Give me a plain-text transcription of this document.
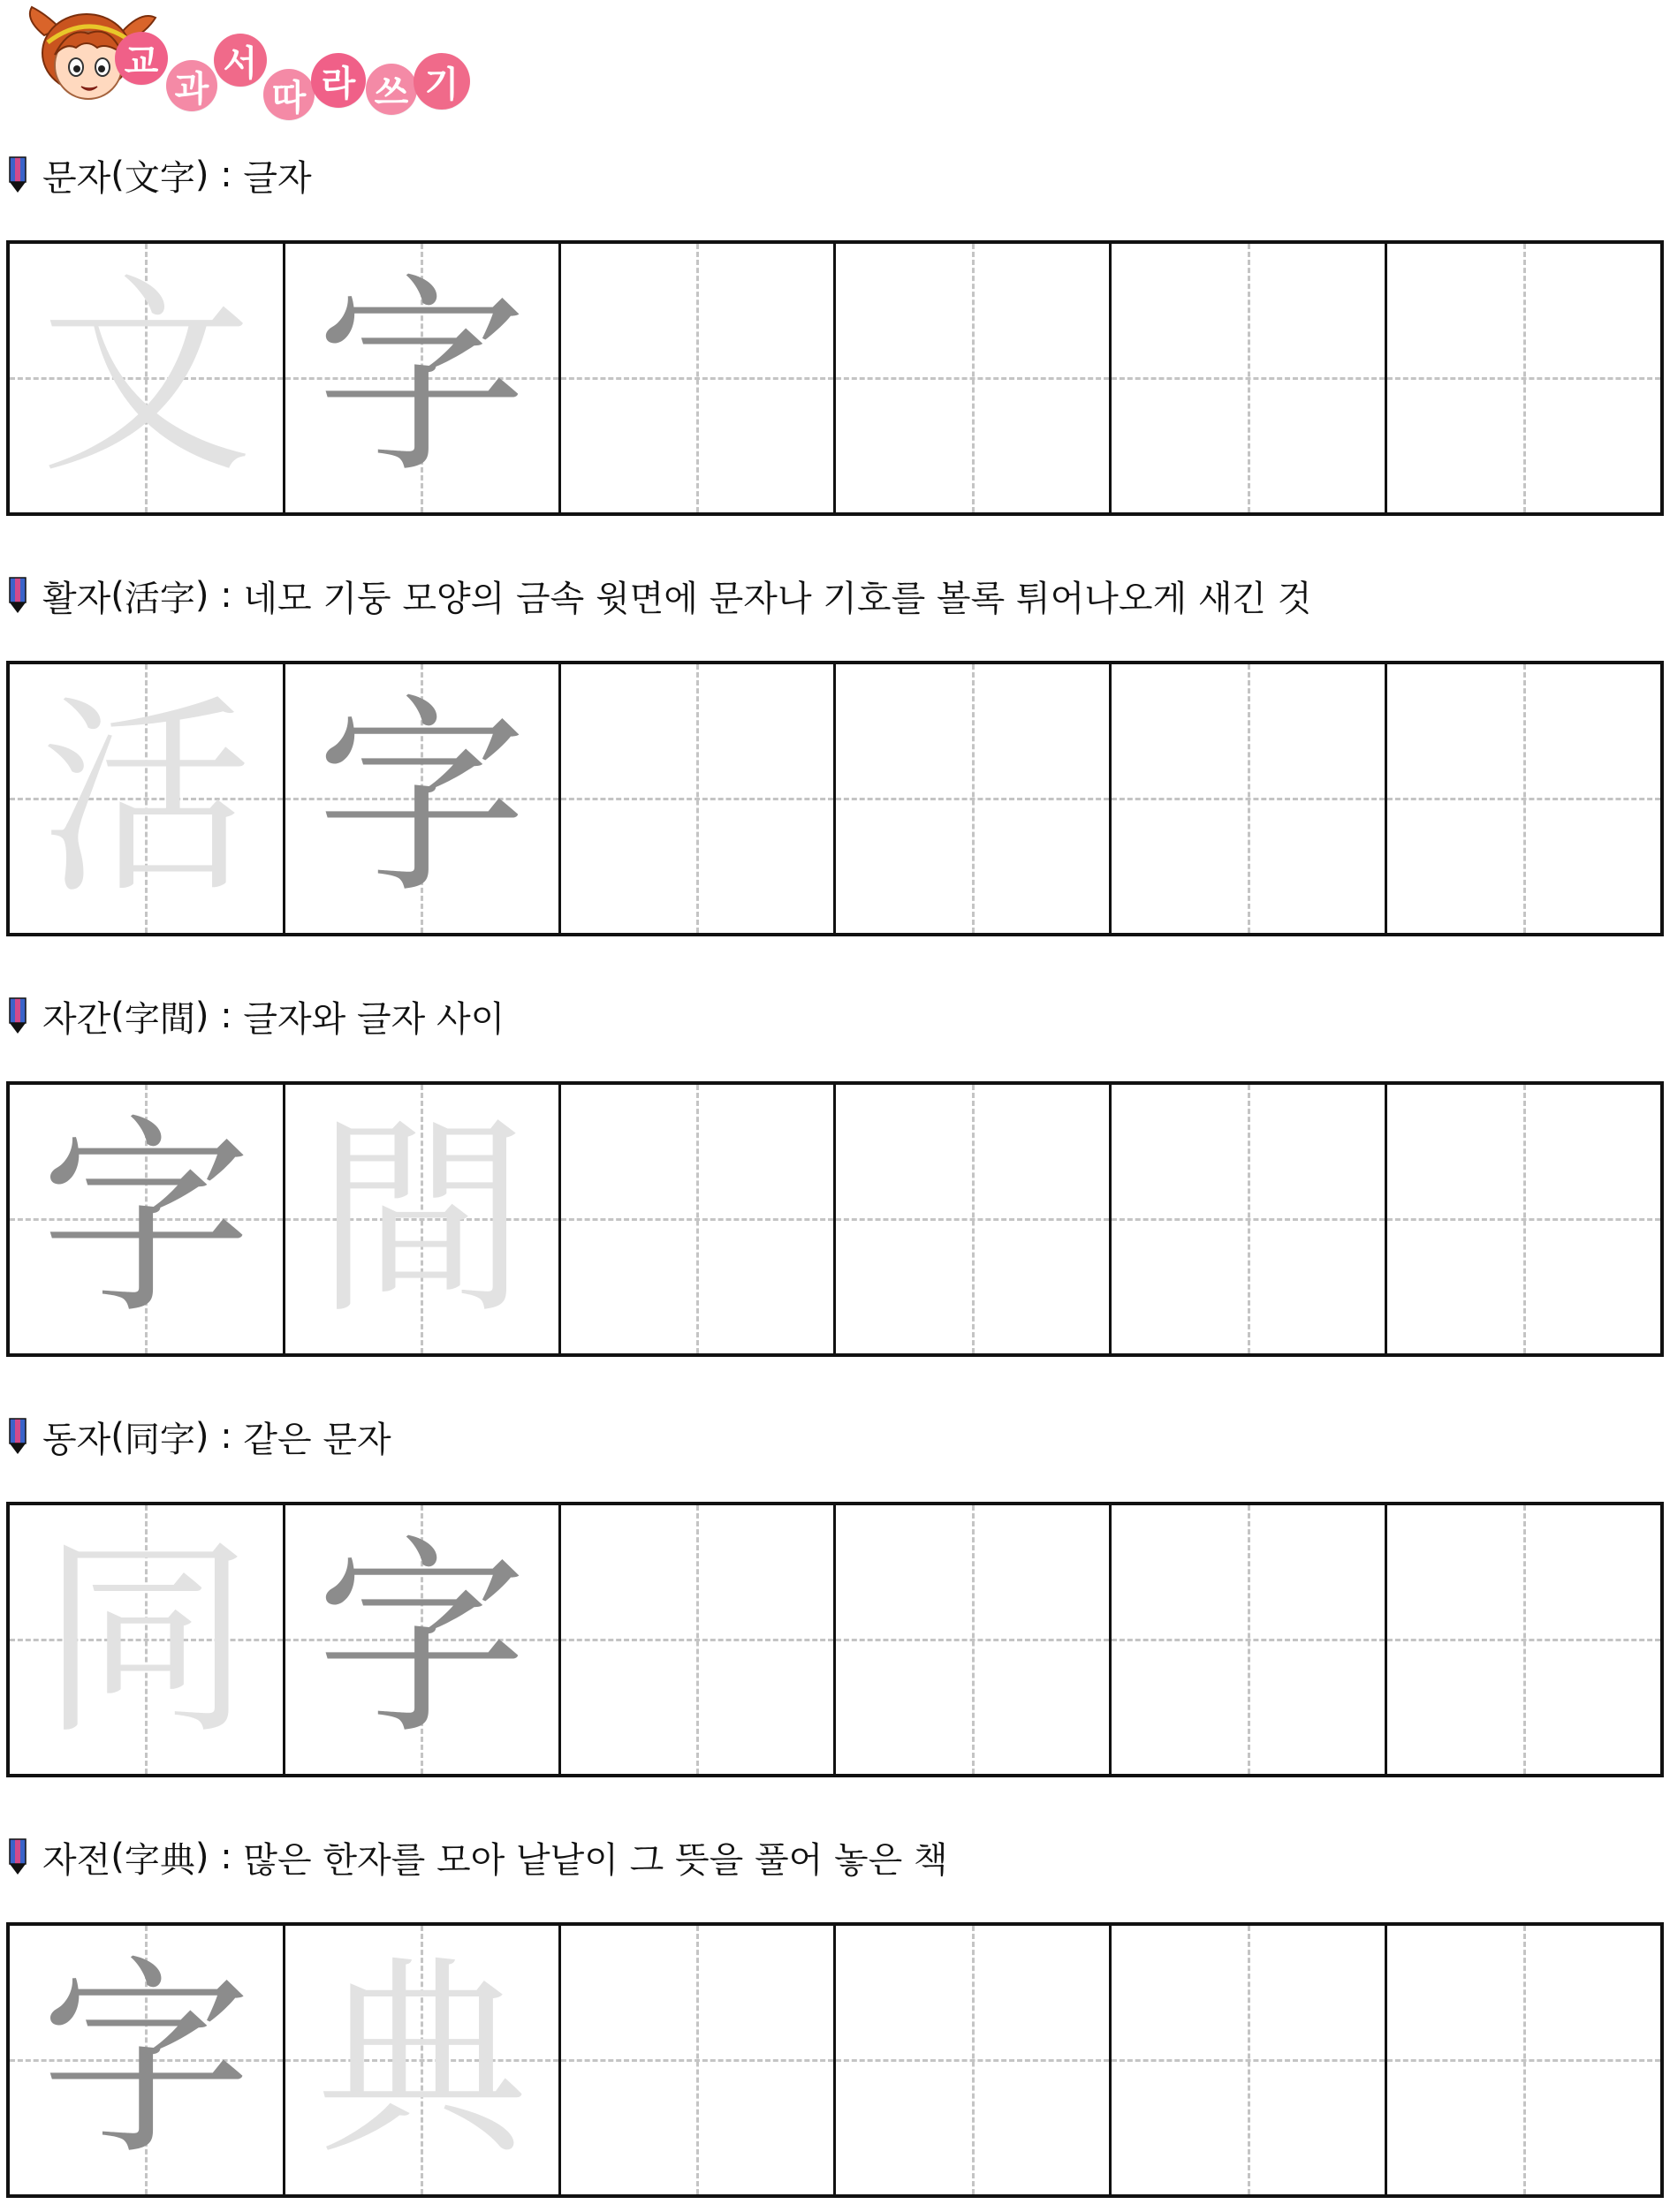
교
과
서
따 라 쓰 기
문자 ( 文字 ) : 글자
文 字
활자 ( 活字 ) : 네모 기둥 모양의 금속 윗면에 문자나 기호를 볼록 튀어나오게 새긴 것
活 字
자간 ( 字間 ) : 글자와 글자 사이
字 間
동자 ( 同字 ) : 같은 문자
同 字
자전 ( 字典 ) : 많은 한자를 모아 낱낱이 그 뜻을 풀어 놓은 책
字 典
